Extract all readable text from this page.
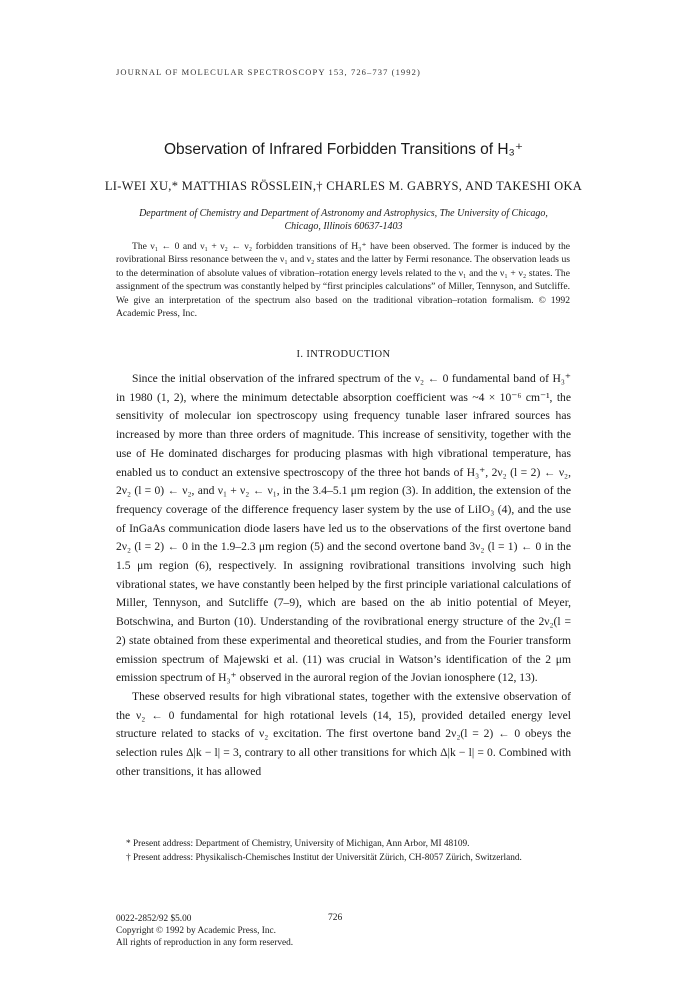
JOURNAL OF MOLECULAR SPECTROSCOPY 153, 726–737 (1992)
Observation of Infrared Forbidden Transitions of H₃⁺
LI-WEI XU,* MATTHIAS RÖSSLEIN,† CHARLES M. GABRYS, AND TAKESHI OKA
Department of Chemistry and Department of Astronomy and Astrophysics, The University of Chicago,
Chicago, Illinois 60637-1403

The ν₁ ← 0 and ν₁ + ν₂ ← ν₂ forbidden transitions of H₃⁺ have been observed. The former is induced by the rovibrational Birss resonance between the ν₁ and ν₂ states and the latter by Fermi resonance. The observation leads us to the determination of absolute values of vibration–rotation energy levels related to the ν₁ and the ν₁ + ν₂ states. The assignment of the spectrum was constantly helped by “first principles calculations” of Miller, Tennyson, and Sutcliffe. We give an interpretation of the spectrum also based on the traditional vibration–rotation formalism. © 1992 Academic Press, Inc.

I. INTRODUCTION

Since the initial observation of the infrared spectrum of the ν₂ ← 0 fundamental band of H₃⁺ in 1980 (1, 2), where the minimum detectable absorption coefficient was ~4 × 10⁻⁶ cm⁻¹, the sensitivity of molecular ion spectroscopy using frequency tunable laser infrared sources has increased by more than three orders of magnitude. This increase of sensitivity, together with the use of He dominated discharges for producing plasmas with high vibrational temperature, has enabled us to conduct an extensive spectroscopy of the three hot bands of H₃⁺, 2ν₂ (l = 2) ← ν₂, 2ν₂ (l = 0) ← ν₂, and ν₁ + ν₂ ← ν₁, in the 3.4–5.1 μm region (3). In addition, the extension of the frequency coverage of the difference frequency laser system by the use of LiIO₃ (4), and the use of InGaAs communication diode lasers have led us to the observations of the first overtone band 2ν₂ (l = 2) ← 0 in the 1.9–2.3 μm region (5) and the second overtone band 3ν₂ (l = 1) ← 0 in the 1.5 μm region (6), respectively. In assigning rovibrational transitions involving such high vibrational states, we have constantly been helped by the first principle variational calculations of Miller, Tennyson, and Sutcliffe (7–9), which are based on the ab initio potential of Meyer, Botschwina, and Burton (10). Understanding of the rovibrational energy structure of the 2ν₂(l = 2) state obtained from these experimental and theoretical studies, and from the Fourier transform emission spectrum of Majewski et al. (11) was crucial in Watson’s identification of the 2 μm emission spectrum of H₃⁺ observed in the auroral region of the Jovian ionosphere (12, 13).

These observed results for high vibrational states, together with the extensive observation of the ν₂ ← 0 fundamental for high rotational levels (14, 15), provided detailed energy level structure related to stacks of ν₂ excitation. The first overtone band 2ν₂(l = 2) ← 0 obeys the selection rules Δ|k − l| = 3, contrary to all other transitions for which Δ|k − l| = 0. Combined with other transitions, it has allowed

* Present address: Department of Chemistry, University of Michigan, Ann Arbor, MI 48109.

† Present address: Physikalisch-Chemisches Institut der Universität Zürich, CH-8057 Zürich, Switzerland.

0022-2852/92 $5.00
Copyright © 1992 by Academic Press, Inc.
All rights of reproduction in any form reserved.
726
